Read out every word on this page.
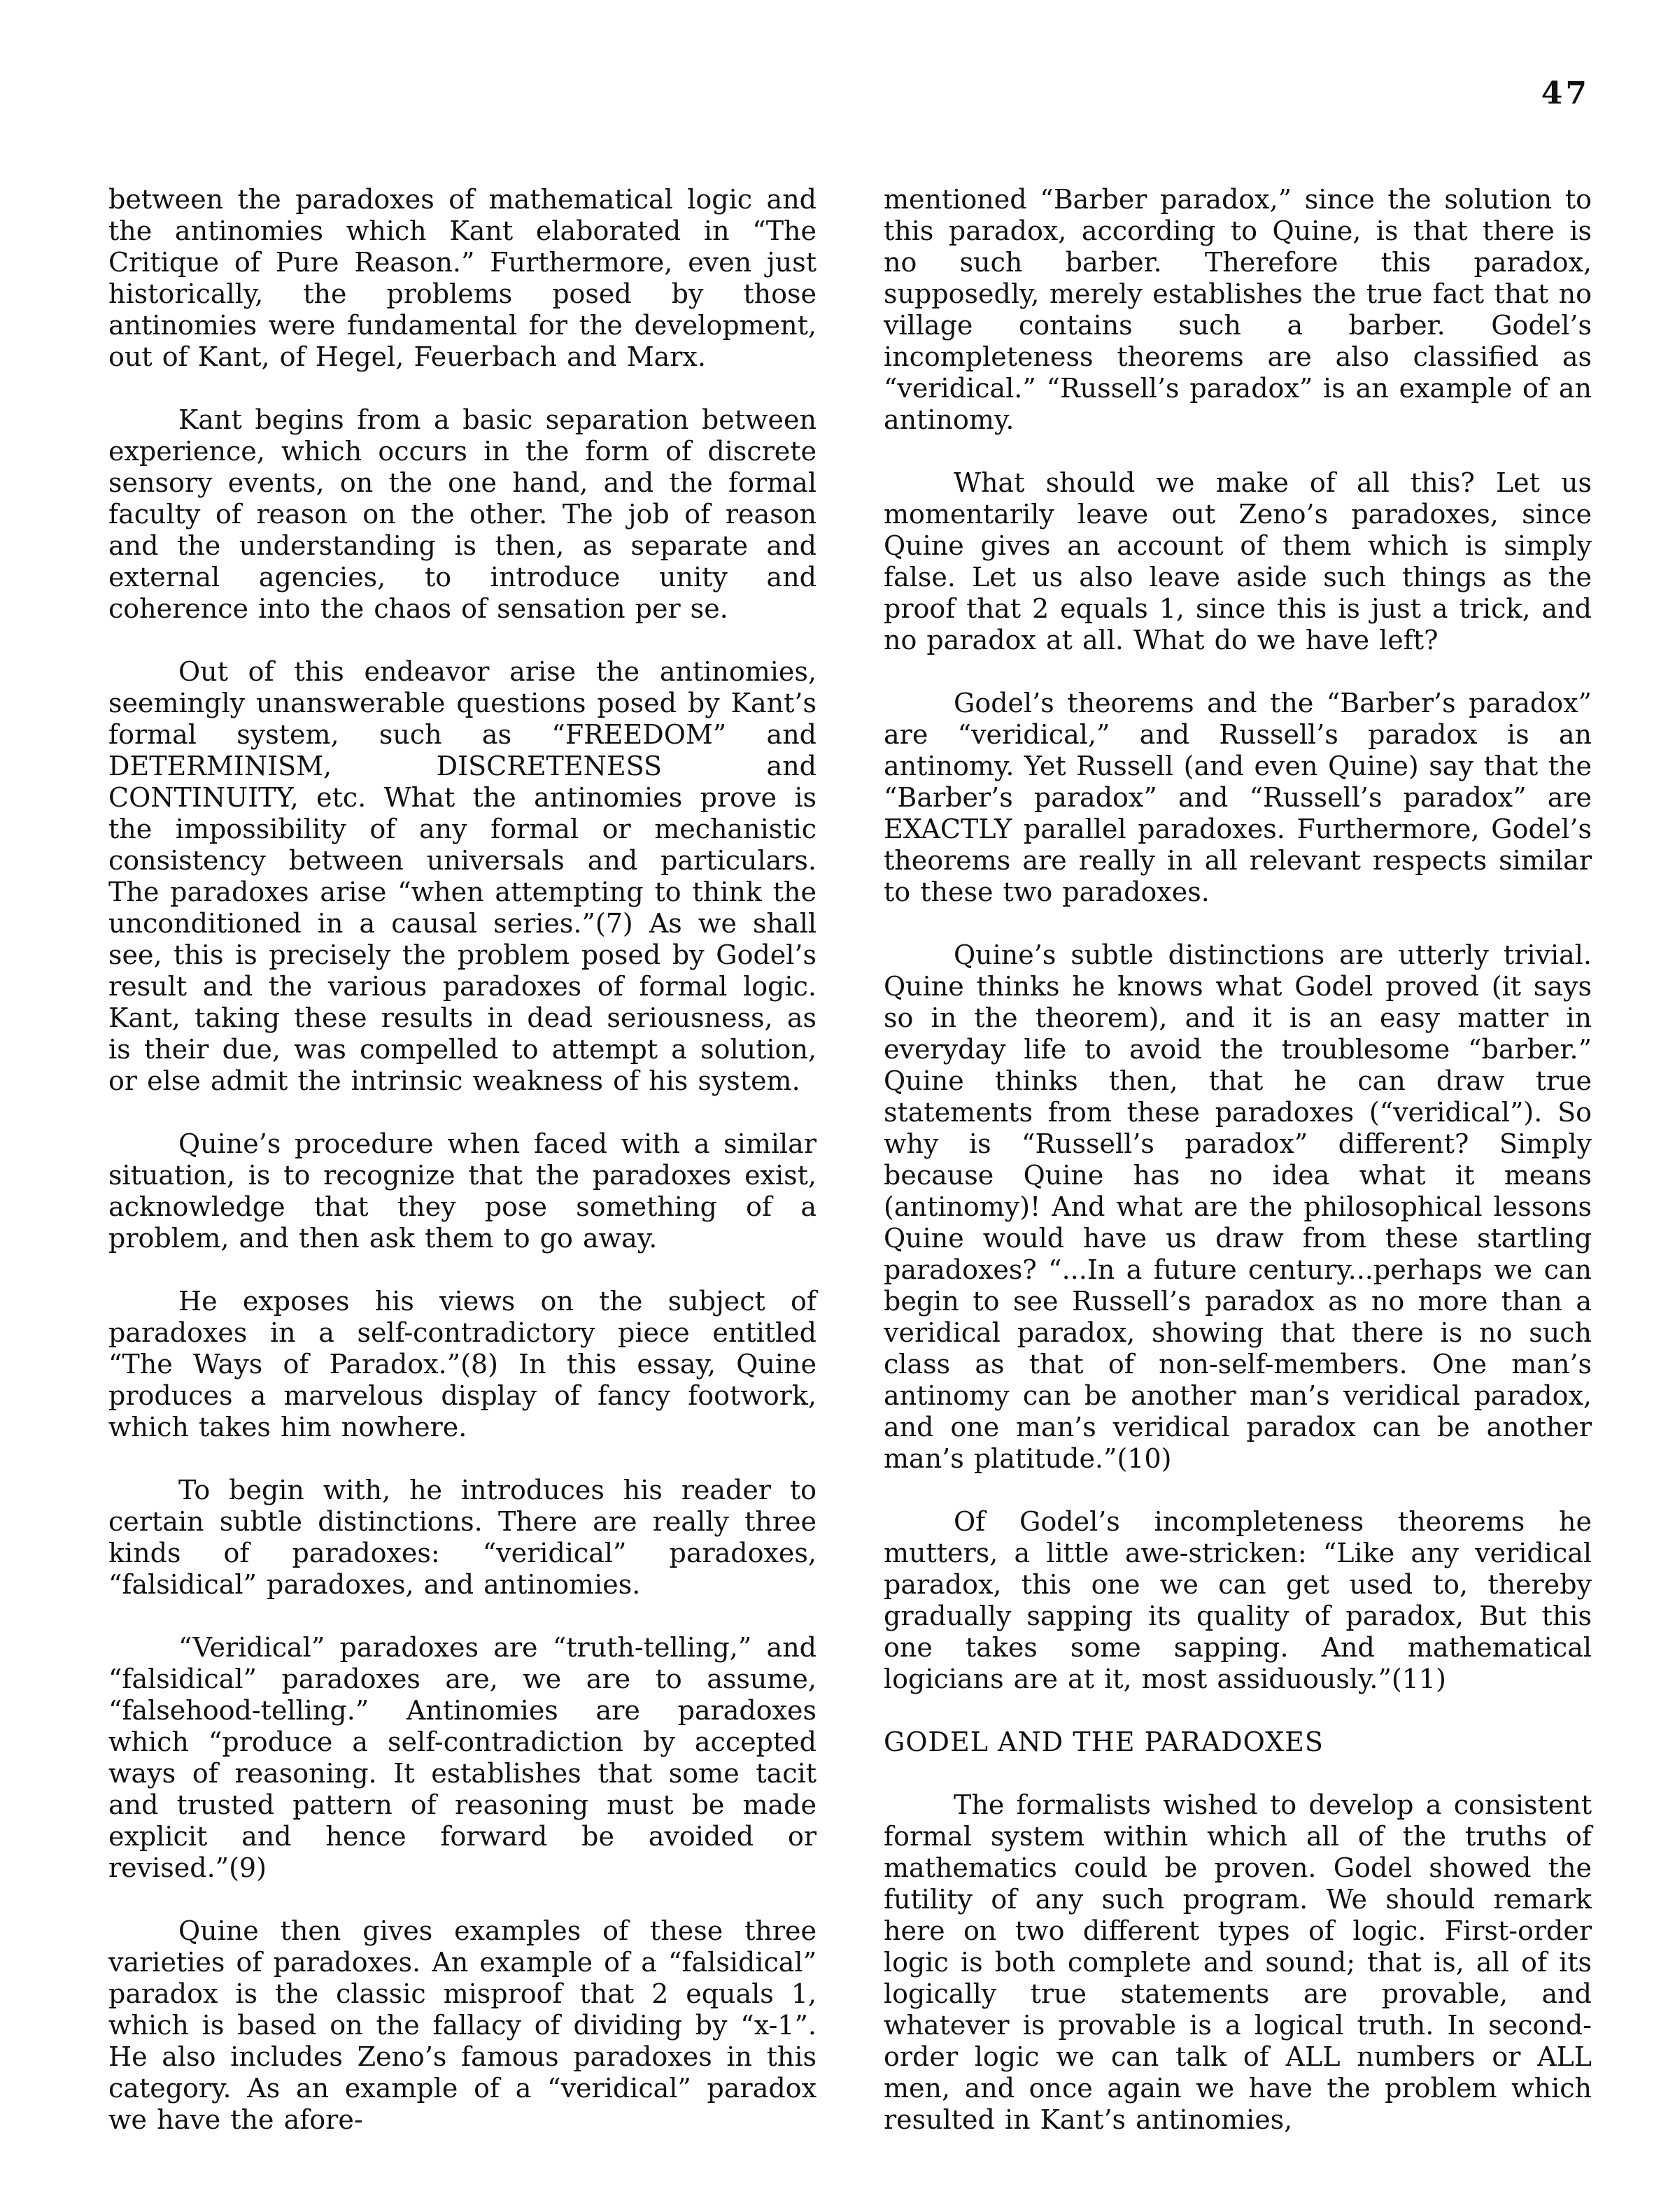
47

between the paradoxes of mathematical logic and the antinomies which Kant elaborated in “The Critique of Pure Reason.” Furthermore, even just historically, the problems posed by those antinomies were fundamental for the development, out of Kant, of Hegel, Feuerbach and Marx.

Kant begins from a basic separation between experience, which occurs in the form of discrete sensory events, on the one hand, and the formal faculty of reason on the other. The job of reason and the understanding is then, as separate and external agencies, to introduce unity and coherence into the chaos of sensation per se.

Out of this endeavor arise the antinomies, seemingly unanswerable questions posed by Kant’s formal system, such as “FREEDOM” and DETERMINISM, DISCRETENESS and CONTINUITY, etc. What the antinomies prove is the impossibility of any formal or mechanistic consistency between universals and particulars. The paradoxes arise “when attempting to think the unconditioned in a causal series.”(7) As we shall see, this is precisely the problem posed by Godel’s result and the various paradoxes of formal logic. Kant, taking these results in dead seriousness, as is their due, was compelled to attempt a solution, or else admit the intrinsic weakness of his system.

Quine’s procedure when faced with a similar situation, is to recognize that the paradoxes exist, acknowledge that they pose something of a problem, and then ask them to go away.

He exposes his views on the subject of paradoxes in a self-contradictory piece entitled “The Ways of Paradox.”(8) In this essay, Quine produces a marvelous display of fancy footwork, which takes him nowhere.

To begin with, he introduces his reader to certain subtle distinctions. There are really three kinds of paradoxes: “veridical” paradoxes, “falsidical” paradoxes, and antinomies.

“Veridical” paradoxes are “truth-telling,” and “falsidical” paradoxes are, we are to assume, “falsehood-telling.” Antinomies are paradoxes which “produce a self-contradiction by accepted ways of reasoning. It establishes that some tacit and trusted pattern of reasoning must be made explicit and hence forward be avoided or revised.”(9)

Quine then gives examples of these three varieties of paradoxes. An example of a “falsidical” paradox is the classic misproof that 2 equals 1, which is based on the fallacy of dividing by “x-1”. He also includes Zeno’s famous paradoxes in this category. As an example of a “veridical” paradox we have the afore-

mentioned “Barber paradox,” since the solution to this paradox, according to Quine, is that there is no such barber. Therefore this paradox, supposedly, merely establishes the true fact that no village contains such a barber. Godel’s incompleteness theorems are also classified as “veridical.” “Russell’s paradox” is an example of an antinomy.

What should we make of all this? Let us momentarily leave out Zeno’s paradoxes, since Quine gives an account of them which is simply false. Let us also leave aside such things as the proof that 2 equals 1, since this is just a trick, and no paradox at all. What do we have left?

Godel’s theorems and the “Barber’s paradox” are “veridical,” and Russell’s paradox is an antinomy. Yet Russell (and even Quine) say that the “Barber’s paradox” and “Russell’s paradox” are EXACTLY parallel paradoxes. Furthermore, Godel’s theorems are really in all relevant respects similar to these two paradoxes.

Quine’s subtle distinctions are utterly trivial. Quine thinks he knows what Godel proved (it says so in the theorem), and it is an easy matter in everyday life to avoid the troublesome “barber.” Quine thinks then, that he can draw true statements from these paradoxes (“veridical”). So why is “Russell’s paradox” different? Simply because Quine has no idea what it means (antinomy)! And what are the philosophical lessons Quine would have us draw from these startling paradoxes? “...In a future century...perhaps we can begin to see Russell’s paradox as no more than a veridical paradox, showing that there is no such class as that of non-self-members. One man’s antinomy can be another man’s veridical paradox, and one man’s veridical paradox can be another man’s platitude.”(10)

Of Godel’s incompleteness theorems he mutters, a little awe-stricken: “Like any veridical paradox, this one we can get used to, thereby gradually sapping its quality of paradox, But this one takes some sapping. And mathematical logicians are at it, most assiduously.”(11)

GODEL AND THE PARADOXES

The formalists wished to develop a consistent formal system within which all of the truths of mathematics could be proven. Godel showed the futility of any such program. We should remark here on two different types of logic. First-order logic is both complete and sound; that is, all of its logically true statements are provable, and whatever is provable is a logical truth. In second-order logic we can talk of ALL numbers or ALL men, and once again we have the problem which resulted in Kant’s antinomies,
